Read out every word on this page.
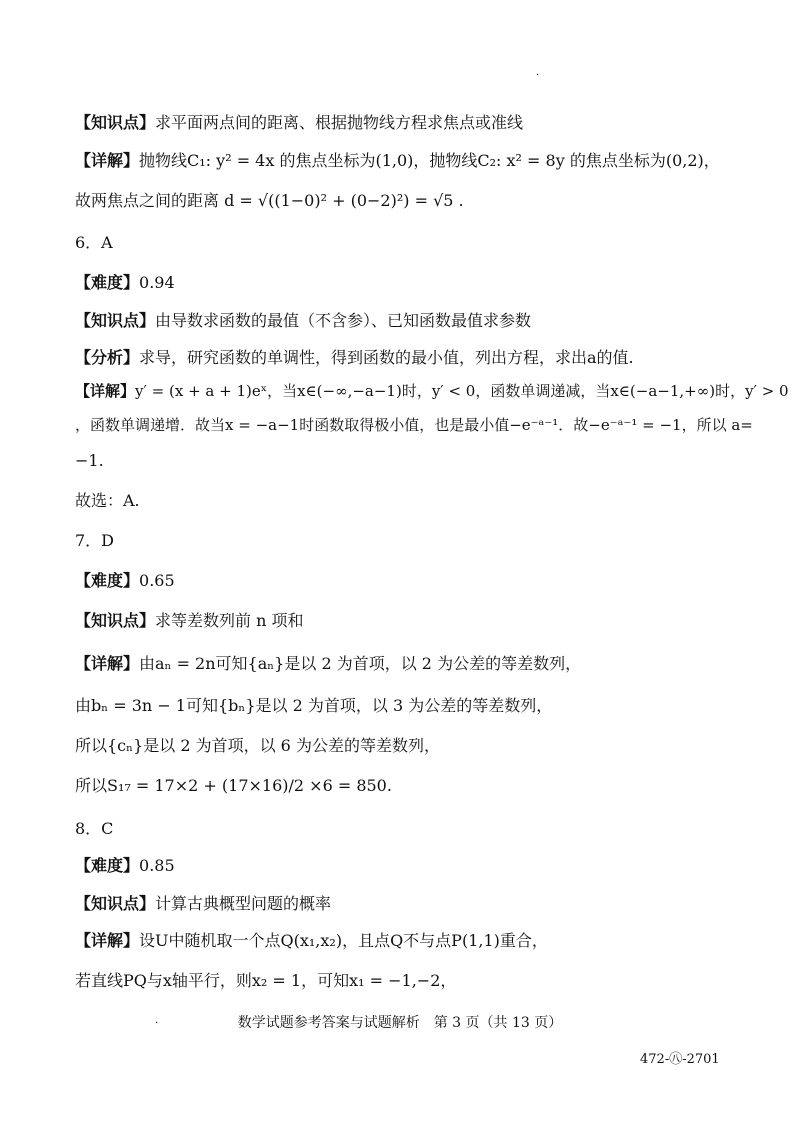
·
【知识点】求平面两点间的距离、根据抛物线方程求焦点或准线
【详解】抛物线C₁: y² = 4x 的焦点坐标为(1,0)，抛物线C₂: x² = 8y 的焦点坐标为(0,2)，
故两焦点之间的距离 d = √((1−0)² + (0−2)²) = √5 .
6．A
【难度】0.94
【知识点】由导数求函数的最值（不含参）、已知函数最值求参数
【分析】求导，研究函数的单调性，得到函数的最小值，列出方程，求出a的值.
【详解】y′ = (x + a + 1)eˣ，当x∈(−∞,−a−1)时，y′ < 0，函数单调递减，当x∈(−a−1,+∞)时，y′ > 0
，函数单调递增．故当x = −a−1时函数取得极小值，也是最小值−e⁻ᵃ⁻¹．故−e⁻ᵃ⁻¹ = −1，所以 a=
−1.
故选：A.
7．D
【难度】0.65
【知识点】求等差数列前 n 项和
【详解】由aₙ = 2n可知{aₙ}是以 2 为首项，以 2 为公差的等差数列，
由bₙ = 3n − 1可知{bₙ}是以 2 为首项，以 3 为公差的等差数列，
所以{cₙ}是以 2 为首项，以 6 为公差的等差数列，
所以S₁₇ = 17×2 + (17×16)/2 ×6 = 850.
8．C
【难度】0.85
【知识点】计算古典概型问题的概率
【详解】设U中随机取一个点Q(x₁,x₂)，且点Q不与点P(1,1)重合，
若直线PQ与x轴平行，则x₂ = 1，可知x₁ = −1,−2，
·	数学试题参考答案与试题解析　第 3 页（共 13 页）
472-㊇-2701
